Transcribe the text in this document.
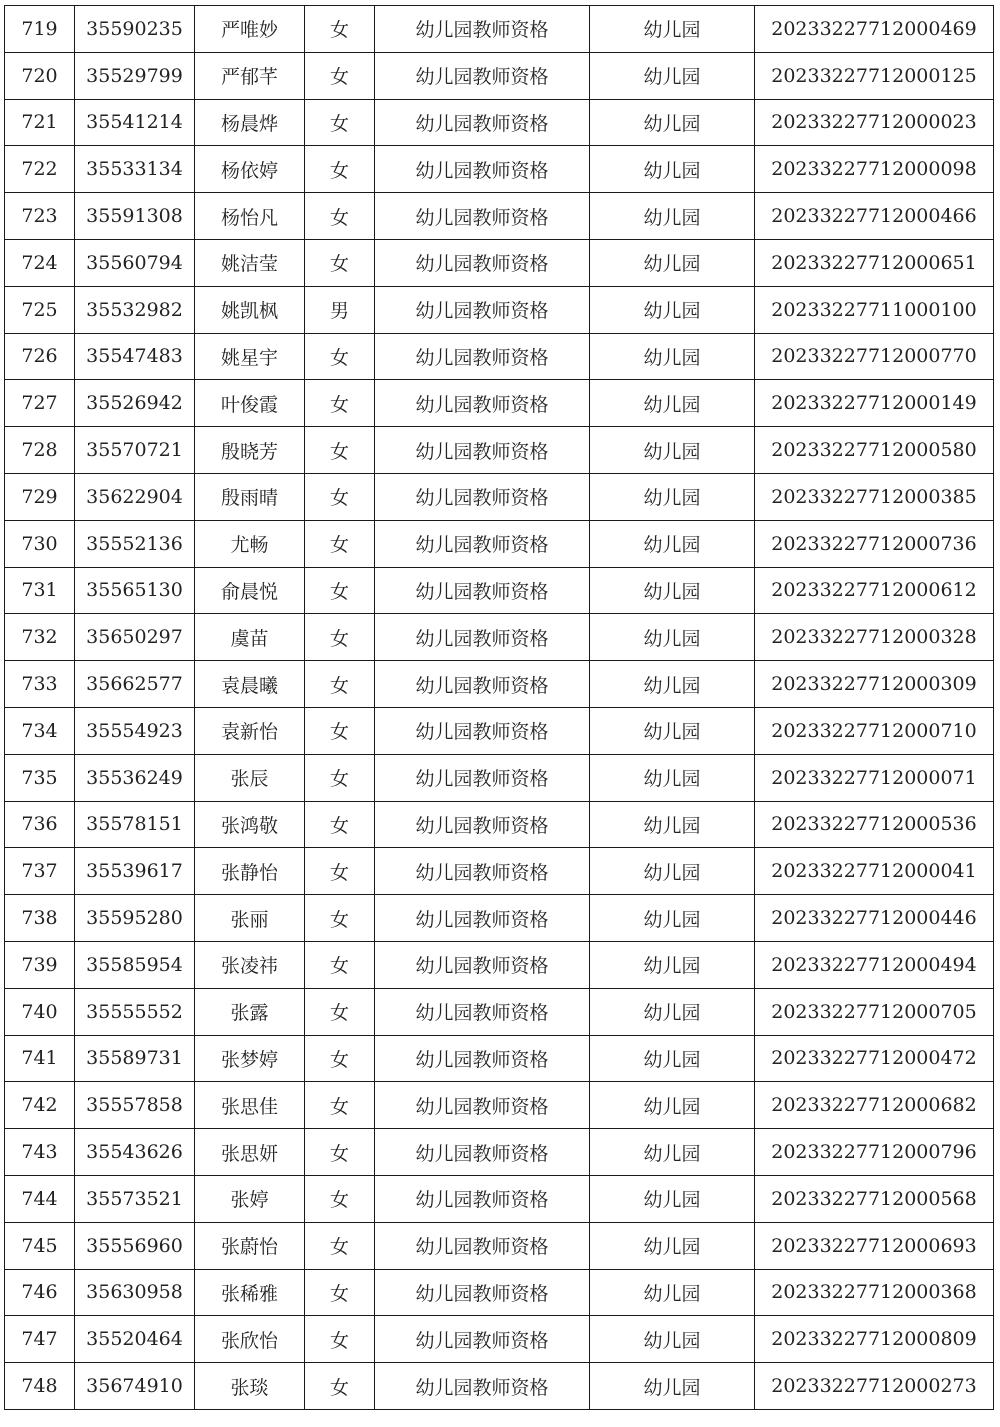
719	35590235	严唯妙	女	幼儿园教师资格	幼儿园	20233227712000469
720	35529799	严郁芊	女	幼儿园教师资格	幼儿园	20233227712000125
721	35541214	杨晨烨	女	幼儿园教师资格	幼儿园	20233227712000023
722	35533134	杨依婷	女	幼儿园教师资格	幼儿园	20233227712000098
723	35591308	杨怡凡	女	幼儿园教师资格	幼儿园	20233227712000466
724	35560794	姚洁莹	女	幼儿园教师资格	幼儿园	20233227712000651
725	35532982	姚凯枫	男	幼儿园教师资格	幼儿园	20233227711000100
726	35547483	姚星宇	女	幼儿园教师资格	幼儿园	20233227712000770
727	35526942	叶俊霞	女	幼儿园教师资格	幼儿园	20233227712000149
728	35570721	殷晓芳	女	幼儿园教师资格	幼儿园	20233227712000580
729	35622904	殷雨晴	女	幼儿园教师资格	幼儿园	20233227712000385
730	35552136	尤畅	女	幼儿园教师资格	幼儿园	20233227712000736
731	35565130	俞晨悦	女	幼儿园教师资格	幼儿园	20233227712000612
732	35650297	虞苗	女	幼儿园教师资格	幼儿园	20233227712000328
733	35662577	袁晨曦	女	幼儿园教师资格	幼儿园	20233227712000309
734	35554923	袁新怡	女	幼儿园教师资格	幼儿园	20233227712000710
735	35536249	张辰	女	幼儿园教师资格	幼儿园	20233227712000071
736	35578151	张鸿敬	女	幼儿园教师资格	幼儿园	20233227712000536
737	35539617	张静怡	女	幼儿园教师资格	幼儿园	20233227712000041
738	35595280	张丽	女	幼儿园教师资格	幼儿园	20233227712000446
739	35585954	张凌祎	女	幼儿园教师资格	幼儿园	20233227712000494
740	35555552	张露	女	幼儿园教师资格	幼儿园	20233227712000705
741	35589731	张梦婷	女	幼儿园教师资格	幼儿园	20233227712000472
742	35557858	张思佳	女	幼儿园教师资格	幼儿园	20233227712000682
743	35543626	张思妍	女	幼儿园教师资格	幼儿园	20233227712000796
744	35573521	张婷	女	幼儿园教师资格	幼儿园	20233227712000568
745	35556960	张蔚怡	女	幼儿园教师资格	幼儿园	20233227712000693
746	35630958	张稀雅	女	幼儿园教师资格	幼儿园	20233227712000368
747	35520464	张欣怡	女	幼儿园教师资格	幼儿园	20233227712000809
748	35674910	张琰	女	幼儿园教师资格	幼儿园	20233227712000273
